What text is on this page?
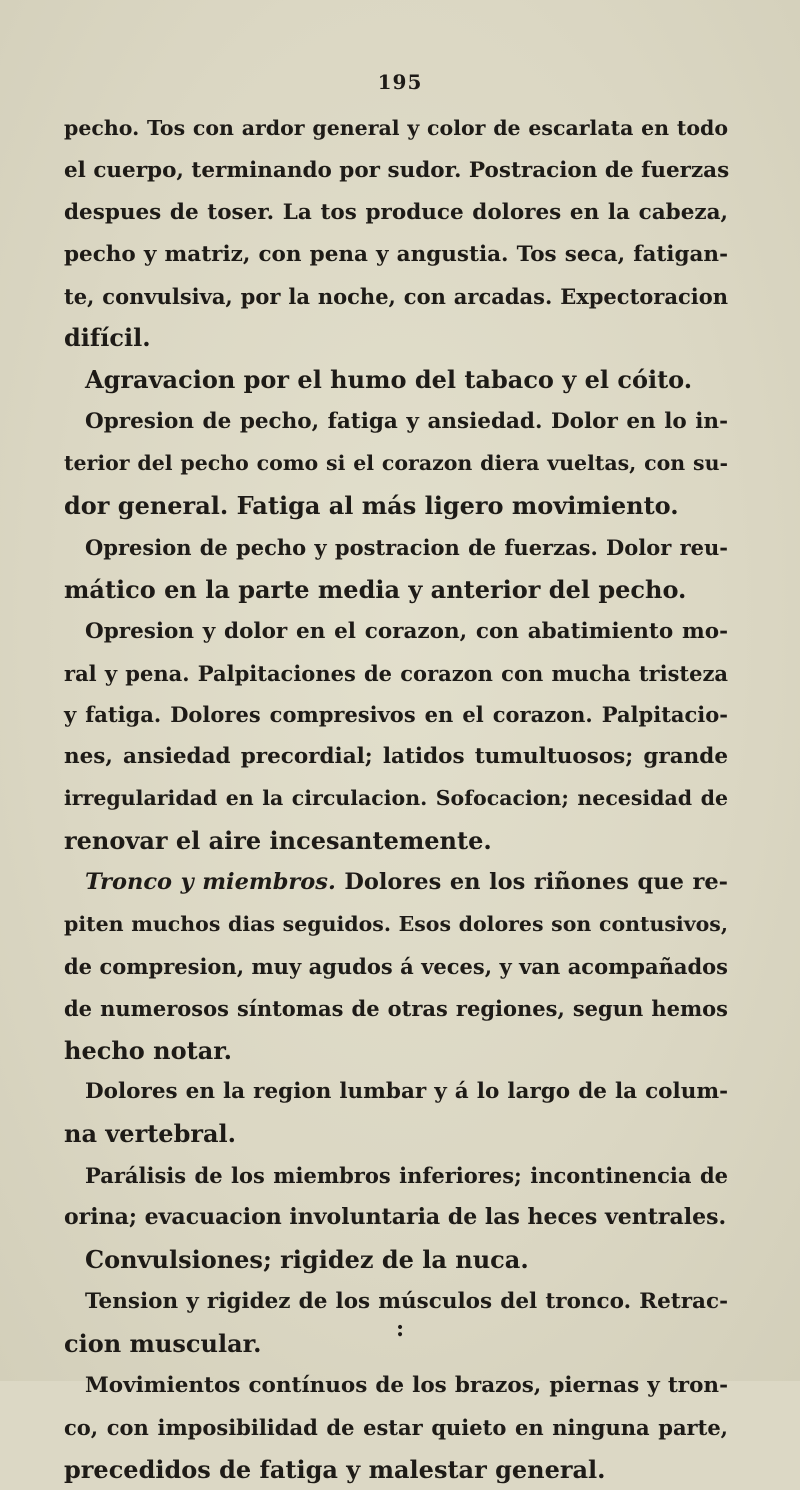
195
pecho. Tos con ardor general y color de escarlata en todo
el cuerpo, terminando por sudor. Postracion de fuerzas
despues de toser. La tos produce dolores en la cabeza,
pecho y matriz, con pena y angustia. Tos seca, fatigan-
te, convulsiva, por la noche, con arcadas. Expectoracion
difícil.
Agravacion por el humo del tabaco y el cóito.
Opresion de pecho, fatiga y ansiedad. Dolor en lo in-
terior del pecho como si el corazon diera vueltas, con su-
dor general. Fatiga al más ligero movimiento.
Opresion de pecho y postracion de fuerzas. Dolor reu-
mático en la parte media y anterior del pecho.
Opresion y dolor en el corazon, con abatimiento mo-
ral y pena. Palpitaciones de corazon con mucha tristeza
y fatiga. Dolores compresivos en el corazon. Palpitacio-
nes, ansiedad precordial; latidos tumultuosos; grande
irregularidad en la circulacion. Sofocacion; necesidad de
renovar el aire incesantemente.
Tronco y miembros. Dolores en los riñones que re-
piten muchos dias seguidos. Esos dolores son contusivos,
de compresion, muy agudos á veces, y van acompañados
de numerosos síntomas de otras regiones, segun hemos
hecho notar.
Dolores en la region lumbar y á lo largo de la colum-
na vertebral.
Parálisis de los miembros inferiores; incontinencia de
orina; evacuacion involuntaria de las heces ventrales.
Convulsiones; rigidez de la nuca.
Tension y rigidez de los músculos del tronco. Retrac-
cion muscular.
Movimientos contínuos de los brazos, piernas y tron-
co, con imposibilidad de estar quieto en ninguna parte,
precedidos de fatiga y malestar general.
:
